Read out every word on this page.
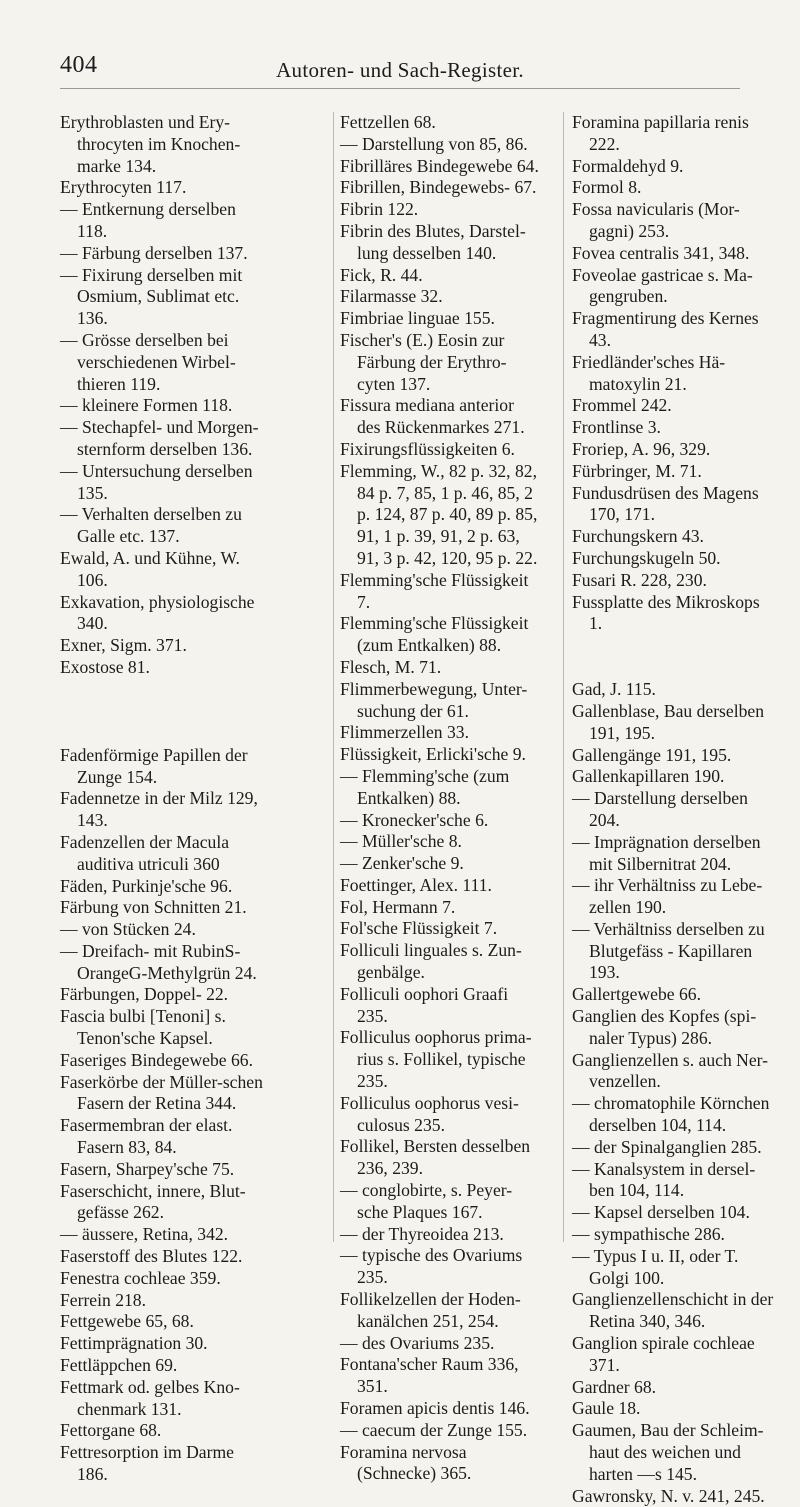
404	Autoren- und Sach-Register.

Erythroblasten und Ery-throcyten im Knochen-marke 134.

Erythrocyten 117.

— Entkernung derselben 118.

— Färbung derselben 137.

— Fixirung derselben mit Osmium, Sublimat etc. 136.

— Grösse derselben bei verschiedenen Wirbel-thieren 119.

— kleinere Formen 118.

— Stechapfel- und Morgen-sternform derselben 136.

— Untersuchung derselben 135.

— Verhalten derselben zu Galle etc. 137.

Ewald, A. und Kühne, W. 106.

Exkavation, physiologische 340.

Exner, Sigm. 371.

Exostose 81.

Fadenförmige Papillen der Zunge 154.

Fadennetze in der Milz 129, 143.

Fadenzellen der Macula auditiva utriculi 360

Fäden, Purkinje'sche 96.

Färbung von Schnitten 21.

— von Stücken 24.

— Dreifach- mit RubinS-OrangeG-Methylgrün 24.

Färbungen, Doppel- 22.

Fascia bulbi [Tenoni] s. Tenon'sche Kapsel.

Faseriges Bindegewebe 66.

Faserkörbe der Müller-schen Fasern der Retina 344.

Fasermembran der elast. Fasern 83, 84.

Fasern, Sharpey'sche 75.

Faserschicht, innere, Blut-gefässe 262.

— äussere, Retina, 342.

Faserstoff des Blutes 122.

Fenestra cochleae 359.

Ferrein 218.

Fettgewebe 65, 68.

Fettimprägnation 30.

Fettläppchen 69.

Fettmark od. gelbes Kno-chenmark 131.

Fettorgane 68.

Fettresorption im Darme 186.

Fettzellen 68.

— Darstellung von 85, 86.

Fibrilläres Bindegewebe 64.

Fibrillen, Bindegewebs- 67.

Fibrin 122.

Fibrin des Blutes, Darstel-lung desselben 140.

Fick, R. 44.

Filarmasse 32.

Fimbriae linguae 155.

Fischer's (E.) Eosin zur Färbung der Erythro-cyten 137.

Fissura mediana anterior des Rückenmarkes 271.

Fixirungsflüssigkeiten 6.

Flemming, W., 82 p. 32, 82, 84 p. 7, 85, 1 p. 46, 85, 2 p. 124, 87 p. 40, 89 p. 85, 91, 1 p. 39, 91, 2 p. 63, 91, 3 p. 42, 120, 95 p. 22.

Flemming'sche Flüssigkeit 7.

Flemming'sche Flüssigkeit (zum Entkalken) 88.

Flesch, M. 71.

Flimmerbewegung, Unter-suchung der 61.

Flimmerzellen 33.

Flüssigkeit, Erlicki'sche 9.

— Flemming'sche (zum Entkalken) 88.

— Kronecker'sche 6.

— Müller'sche 8.

— Zenker'sche 9.

Foettinger, Alex. 111.

Fol, Hermann 7.

Fol'sche Flüssigkeit 7.

Folliculi linguales s. Zun-genbälge.

Folliculi oophori Graafi 235.

Folliculus oophorus prima-rius s. Follikel, typische 235.

Folliculus oophorus vesi-culosus 235.

Follikel, Bersten desselben 236, 239.

— conglobirte, s. Peyer-sche Plaques 167.

— der Thyreoidea 213.

— typische des Ovariums 235.

Follikelzellen der Hoden-kanälchen 251, 254.

— des Ovariums 235.

Fontana'scher Raum 336, 351.

Foramen apicis dentis 146.

— caecum der Zunge 155.

Foramina nervosa (Schnecke) 365.

Foramina papillaria renis 222.

Formaldehyd 9.

Formol 8.

Fossa navicularis (Mor-gagni) 253.

Fovea centralis 341, 348.

Foveolae gastricae s. Ma-gengruben.

Fragmentirung des Kernes 43.

Friedländer'sches Hä-matoxylin 21.

Frommel 242.

Frontlinse 3.

Froriep, A. 96, 329.

Fürbringer, M. 71.

Fundusdrüsen des Magens 170, 171.

Furchungskern 43.

Furchungskugeln 50.

Fusari R. 228, 230.

Fussplatte des Mikroskops 1.

Gad, J. 115.

Gallenblase, Bau derselben 191, 195.

Gallengänge 191, 195.

Gallenkapillaren 190.

— Darstellung derselben 204.

— Imprägnation derselben mit Silbernitrat 204.

— ihr Verhältniss zu Lebe-zellen 190.

— Verhältniss derselben zu Blutgefäss - Kapillaren 193.

Gallertgewebe 66.

Ganglien des Kopfes (spi-naler Typus) 286.

Ganglienzellen s. auch Ner-venzellen.

— chromatophile Körnchen derselben 104, 114.

— der Spinalganglien 285.

— Kanalsystem in dersel-ben 104, 114.

— Kapsel derselben 104.

— sympathische 286.

— Typus I u. II, oder T. Golgi 100.

Ganglienzellenschicht in der Retina 340, 346.

Ganglion spirale cochleae 371.

Gardner 68.

Gaule 18.

Gaumen, Bau der Schleim-haut des weichen und harten —s 145.

Gawronsky, N. v. 241, 245.
